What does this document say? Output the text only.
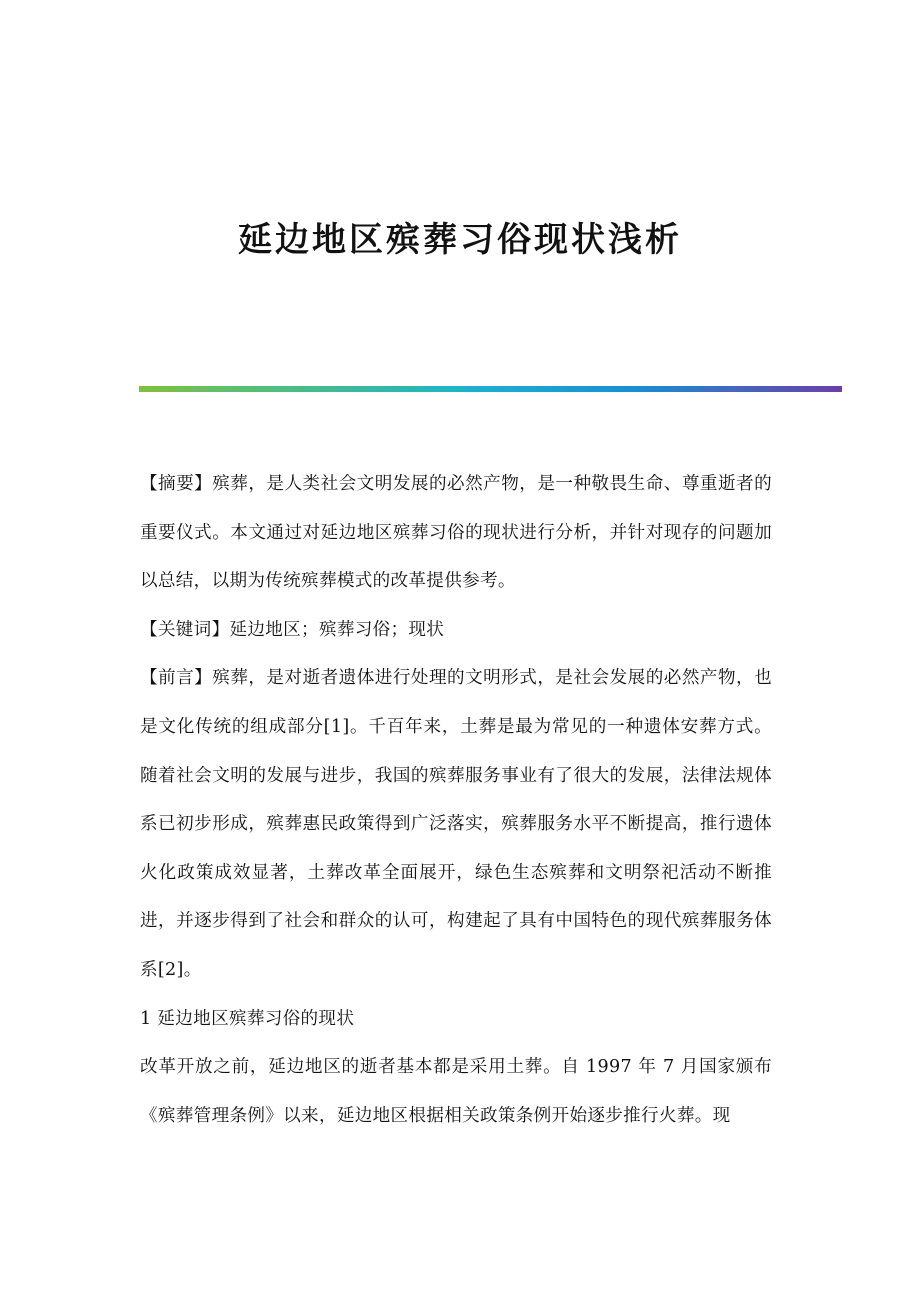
延边地区殡葬习俗现状浅析

【摘要】殡葬，是人类社会文明发展的必然产物，是一种敬畏生命、尊重逝者的重要仪式。本文通过对延边地区殡葬习俗的现状进行分析，并针对现存的问题加以总结，以期为传统殡葬模式的改革提供参考。

【关键词】延边地区；殡葬习俗；现状

【前言】殡葬，是对逝者遗体进行处理的文明形式，是社会发展的必然产物，也是文化传统的组成部分[1]。千百年来，土葬是最为常见的一种遗体安葬方式。随着社会文明的发展与进步，我国的殡葬服务事业有了很大的发展，法律法规体系已初步形成，殡葬惠民政策得到广泛落实，殡葬服务水平不断提高，推行遗体火化政策成效显著，土葬改革全面展开，绿色生态殡葬和文明祭祀活动不断推进，并逐步得到了社会和群众的认可，构建起了具有中国特色的现代殡葬服务体系[2]。

1 延边地区殡葬习俗的现状

改革开放之前，延边地区的逝者基本都是采用土葬。自 1997 年 7 月国家颁布《殡葬管理条例》以来，延边地区根据相关政策条例开始逐步推行火葬。现
